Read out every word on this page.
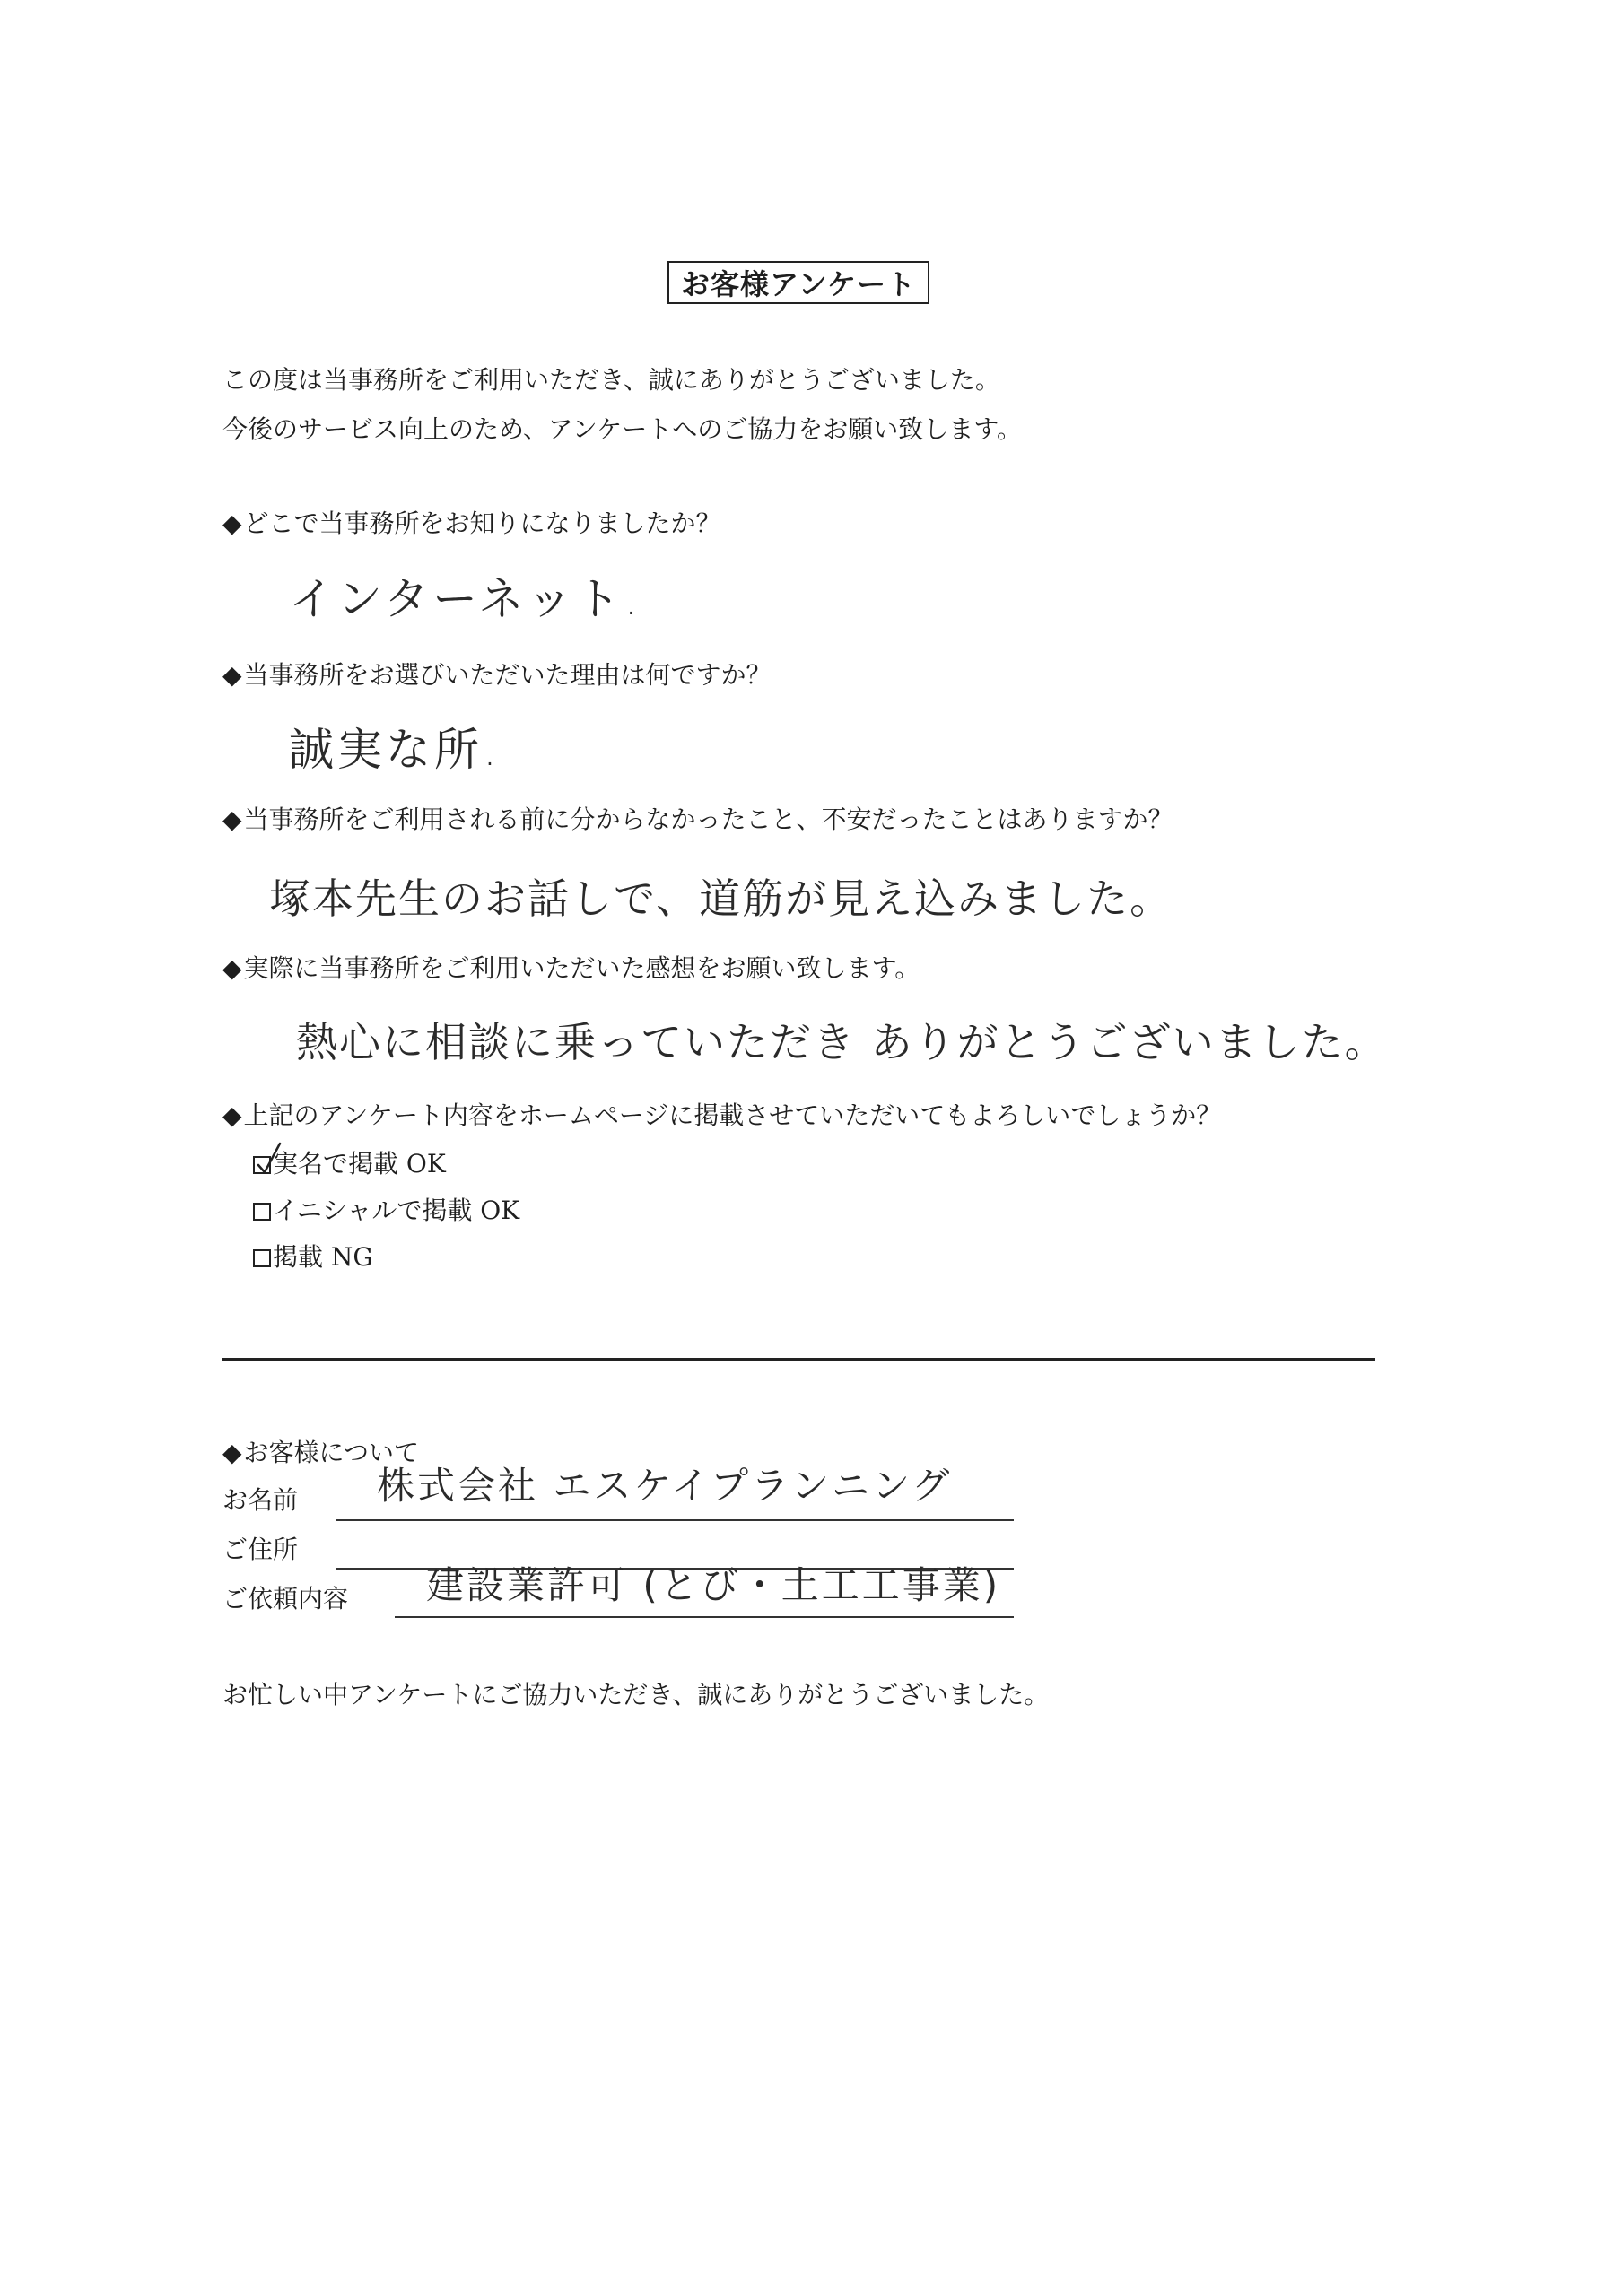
お客様アンケート
この度は当事務所をご利用いただき、誠にありがとうございました。
今後のサービス向上のため、アンケートへのご協力をお願い致します。
◆どこで当事務所をお知りになりましたか？
インターネット.
◆当事務所をお選びいただいた理由は何ですか？
誠実な所.
◆当事務所をご利用される前に分からなかったこと、不安だったことはありますか？
塚本先生のお話しで、道筋が見え込みました。
◆実際に当事務所をご利用いただいた感想をお願い致します。
熱心に相談に乗っていただき ありがとうございました。
◆上記のアンケート内容をホームページに掲載させていただいてもよろしいでしょうか？
実名で掲載 OK
イニシャルで掲載 OK
掲載 NG
◆お客様について
お名前 株式会社 エスケイプランニング
ご住所
ご依頼内容 建設業許可 (とび・土工工事業)
お忙しい中アンケートにご協力いただき、誠にありがとうございました。
